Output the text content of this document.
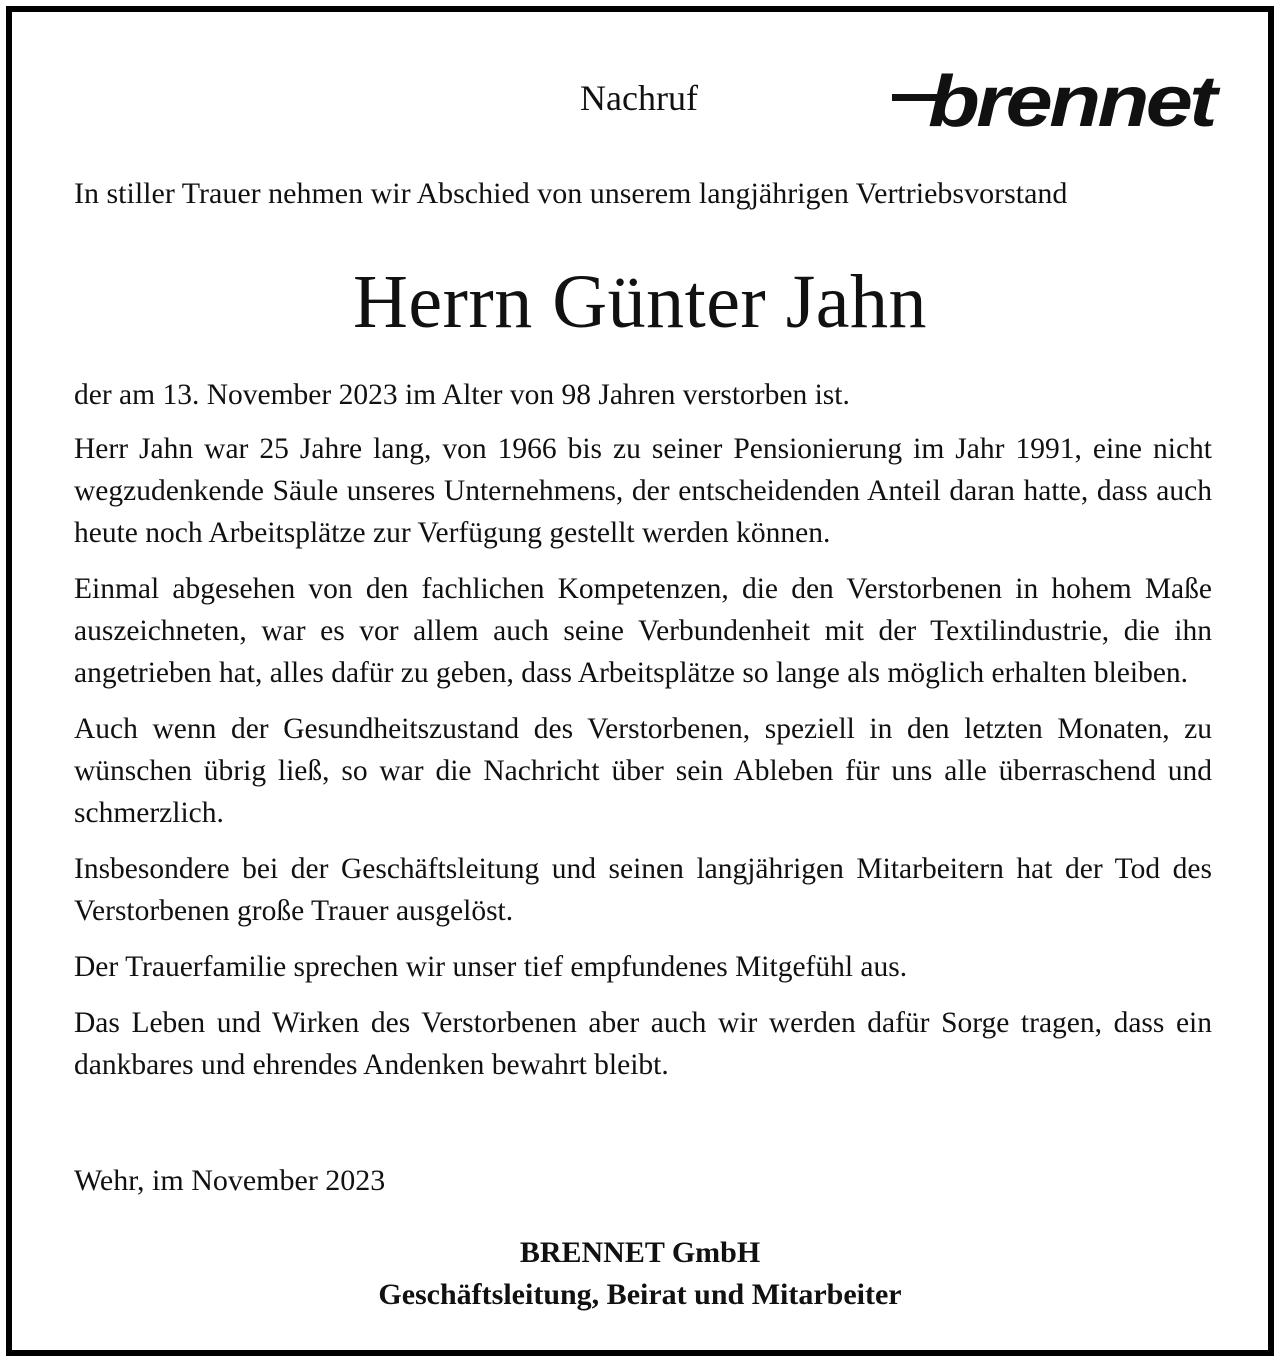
Nachruf	brennet
In stiller Trauer nehmen wir Abschied von unserem langjährigen Vertriebsvorstand
Herrn Günter Jahn

der am 13. November 2023 im Alter von 98 Jahren verstorben ist.

Herr Jahn war 25 Jahre lang, von 1966 bis zu seiner Pensionierung im Jahr 1991, eine nicht wegzudenkende Säule unseres Unternehmens, der entscheidenden Anteil daran hatte, dass auch heute noch Arbeitsplätze zur Verfügung gestellt werden können.

Einmal abgesehen von den fachlichen Kompetenzen, die den Verstorbenen in hohem Maße auszeichneten, war es vor allem auch seine Verbundenheit mit der Textilindustrie, die ihn angetrieben hat, alles dafür zu geben, dass Arbeitsplätze so lange als möglich erhalten bleiben.

Auch wenn der Gesundheitszustand des Verstorbenen, speziell in den letzten Monaten, zu wünschen übrig ließ, so war die Nachricht über sein Ableben für uns alle überraschend und schmerzlich.

Insbesondere bei der Geschäftsleitung und seinen langjährigen Mitarbeitern hat der Tod des Verstorbenen große Trauer ausgelöst.

Der Trauerfamilie sprechen wir unser tief empfundenes Mitgefühl aus.

Das Leben und Wirken des Verstorbenen aber auch wir werden dafür Sorge tragen, dass ein dankbares und ehrendes Andenken bewahrt bleibt.

Wehr, im November 2023
BRENNET GmbH
Geschäftsleitung, Beirat und Mitarbeiter
